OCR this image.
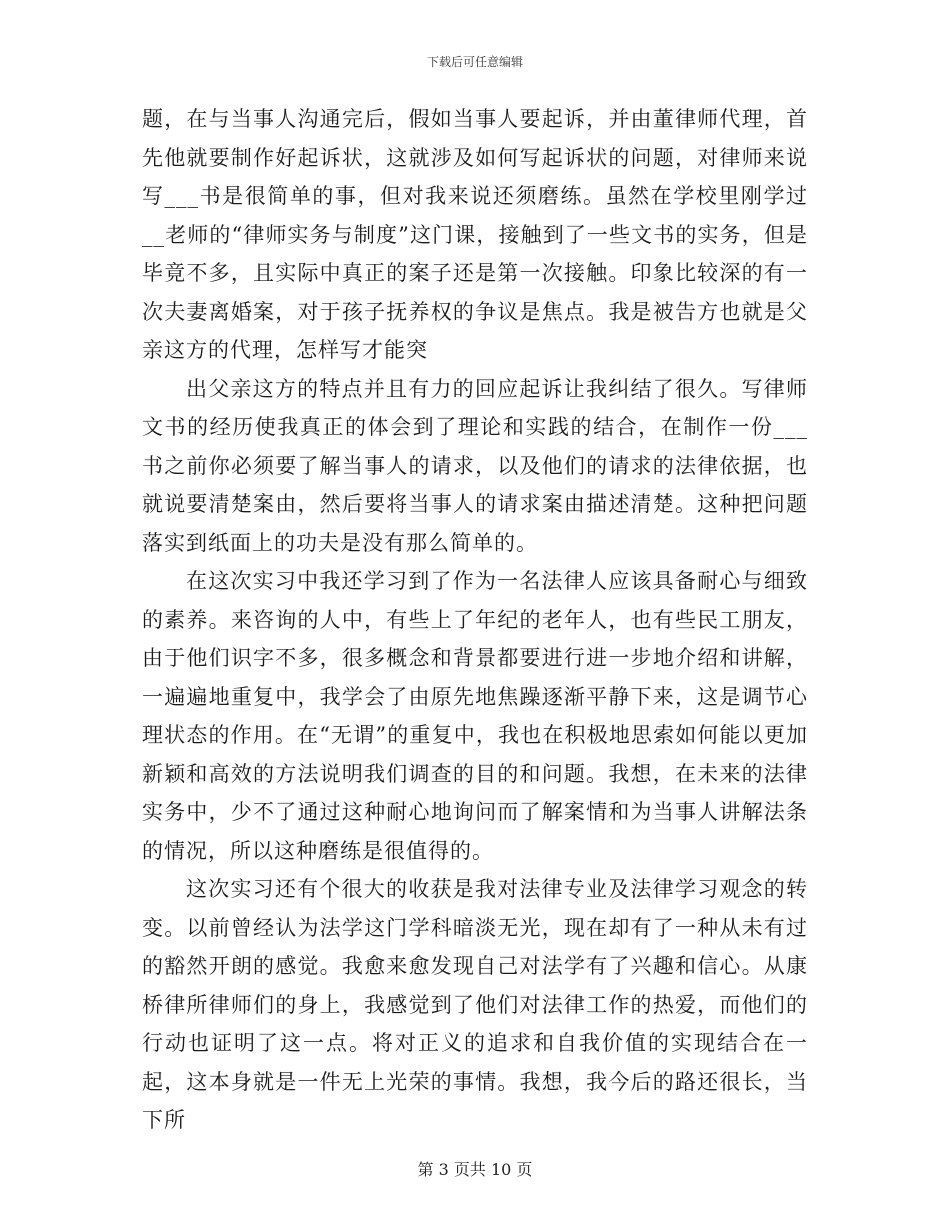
下载后可任意编辑

题，在与当事人沟通完后，假如当事人要起诉，并由董律师代理，首先他就要制作好起诉状，这就涉及如何写起诉状的问题，对律师来说写___书是很简单的事，但对我来说还须磨练。虽然在学校里刚学过__老师的“律师实务与制度”这门课，接触到了一些文书的实务，但是毕竟不多，且实际中真正的案子还是第一次接触。印象比较深的有一次夫妻离婚案，对于孩子抚养权的争议是焦点。我是被告方也就是父亲这方的代理，怎样写才能突

出父亲这方的特点并且有力的回应起诉让我纠结了很久。写律师文书的经历使我真正的体会到了理论和实践的结合，在制作一份___书之前你必须要了解当事人的请求，以及他们的请求的法律依据，也就说要清楚案由，然后要将当事人的请求案由描述清楚。这种把问题落实到纸面上的功夫是没有那么简单的。

在这次实习中我还学习到了作为一名法律人应该具备耐心与细致的素养。来咨询的人中，有些上了年纪的老年人，也有些民工朋友，由于他们识字不多，很多概念和背景都要进行进一步地介绍和讲解，一遍遍地重复中，我学会了由原先地焦躁逐渐平静下来，这是调节心理状态的作用。在“无谓”的重复中，我也在积极地思索如何能以更加新颖和高效的方法说明我们调查的目的和问题。我想，在未来的法律实务中，少不了通过这种耐心地询问而了解案情和为当事人讲解法条的情况，所以这种磨练是很值得的。

这次实习还有个很大的收获是我对法律专业及法律学习观念的转变。以前曾经认为法学这门学科暗淡无光，现在却有了一种从未有过的豁然开朗的感觉。我愈来愈发现自己对法学有了兴趣和信心。从康桥律所律师们的身上，我感觉到了他们对法律工作的热爱，而他们的行动也证明了这一点。将对正义的追求和自我价值的实现结合在一起，这本身就是一件无上光荣的事情。我想，我今后的路还很长，当下所

第 3 页共 10 页
